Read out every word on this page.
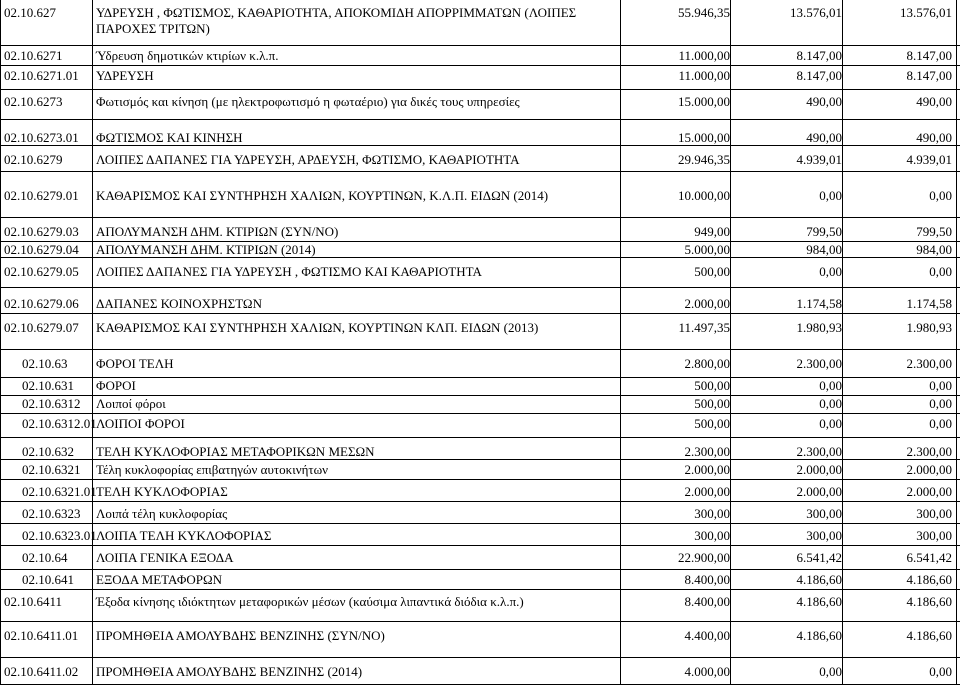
02.10.627	ΥΔΡΕΥΣΗ , ΦΩΤΙΣΜΟΣ, ΚΑΘΑΡΙΟΤΗΤΑ, ΑΠΟΚΟΜΙΔΗ ΑΠΟΡΡΙΜΜΑΤΩΝ (ΛΟΙΠΕΣ	55.946,35	13.576,01	13.576,01
ΠΑΡΟΧΕΣ ΤΡΙΤΩΝ)
02.10.6271	Ύδρευση δημοτικών κτιρίων κ.λ.π.	11.000,00	8.147,00	8.147,00
02.10.6271.01	ΥΔΡΕΥΣΗ	11.000,00	8.147,00	8.147,00
02.10.6273	Φωτισμός και κίνηση (με ηλεκτροφωτισμό η φωταέριο) για δικές τους υπηρεσίες	15.000,00	490,00	490,00
02.10.6273.01	ΦΩΤΙΣΜΟΣ ΚΑΙ ΚΙΝΗΣΗ	15.000,00	490,00	490,00
02.10.6279	ΛΟΙΠΕΣ ΔΑΠΑΝΕΣ ΓΙΑ ΥΔΡΕΥΣΗ, ΑΡΔΕΥΣΗ, ΦΩΤΙΣΜΟ, ΚΑΘΑΡΙΟΤΗΤΑ	29.946,35	4.939,01	4.939,01
02.10.6279.01	ΚΑΘΑΡΙΣΜΟΣ ΚΑΙ ΣΥΝΤΗΡΗΣΗ ΧΑΛΙΩΝ, ΚΟΥΡΤΙΝΩΝ, Κ.Λ.Π. ΕΙΔΩΝ (2014)	10.000,00	0,00	0,00
02.10.6279.03	ΑΠΟΛΥΜΑΝΣΗ ΔΗΜ. ΚΤΙΡΙΩΝ (ΣΥΝ/ΝΟ)	949,00	799,50	799,50
02.10.6279.04	ΑΠΟΛΥΜΑΝΣΗ ΔΗΜ. ΚΤΙΡΙΩΝ (2014)	5.000,00	984,00	984,00
02.10.6279.05	ΛΟΙΠΕΣ ΔΑΠΑΝΕΣ ΓΙΑ ΥΔΡΕΥΣΗ , ΦΩΤΙΣΜΟ ΚΑΙ ΚΑΘΑΡΙΟΤΗΤΑ	500,00	0,00	0,00
02.10.6279.06	ΔΑΠΑΝΕΣ ΚΟΙΝΟΧΡΗΣΤΩΝ	2.000,00	1.174,58	1.174,58
02.10.6279.07	ΚΑΘΑΡΙΣΜΟΣ ΚΑΙ ΣΥΝΤΗΡΗΣΗ ΧΑΛΙΩΝ, ΚΟΥΡΤΙΝΩΝ ΚΛΠ. ΕΙΔΩΝ (2013)	11.497,35	1.980,93	1.980,93
02.10.63	ΦΟΡΟΙ ΤΕΛΗ	2.800,00	2.300,00	2.300,00
02.10.631	ΦΟΡΟΙ	500,00	0,00	0,00
02.10.6312	Λοιποί φόροι	500,00	0,00	0,00
02.10.6312.01 ΛΟΙΠΟΙ ΦΟΡΟΙ	500,00	0,00	0,00
02.10.632	ΤΕΛΗ ΚΥΚΛΟΦΟΡΙΑΣ ΜΕΤΑΦΟΡΙΚΩΝ ΜΕΣΩΝ	2.300,00	2.300,00	2.300,00
02.10.6321	Τέλη κυκλοφορίας επιβατηγών αυτοκινήτων	2.000,00	2.000,00	2.000,00
02.10.6321.01 ΤΕΛΗ ΚΥΚΛΟΦΟΡΙΑΣ	2.000,00	2.000,00	2.000,00
02.10.6323	Λοιπά τέλη κυκλοφορίας	300,00	300,00	300,00
02.10.6323.01 ΛΟΙΠΑ ΤΕΛΗ ΚΥΚΛΟΦΟΡΙΑΣ	300,00	300,00	300,00
02.10.64	ΛΟΙΠΑ ΓΕΝΙΚΑ ΕΞΟΔΑ	22.900,00	6.541,42	6.541,42
02.10.641	ΕΞΟΔΑ ΜΕΤΑΦΟΡΩΝ	8.400,00	4.186,60	4.186,60
02.10.6411	Έξοδα κίνησης ιδιόκτητων μεταφορικών μέσων (καύσιμα λιπαντικά διόδια κ.λ.π.)	8.400,00	4.186,60	4.186,60
02.10.6411.01	ΠΡΟΜΗΘΕΙΑ ΑΜΟΛΥΒΔΗΣ ΒΕΝΖΙΝΗΣ (ΣΥΝ/ΝΟ)	4.400,00	4.186,60	4.186,60
02.10.6411.02	ΠΡΟΜΗΘΕΙΑ ΑΜΟΛΥΒΔΗΣ ΒΕΝΖΙΝΗΣ (2014)	4.000,00	0,00	0,00
